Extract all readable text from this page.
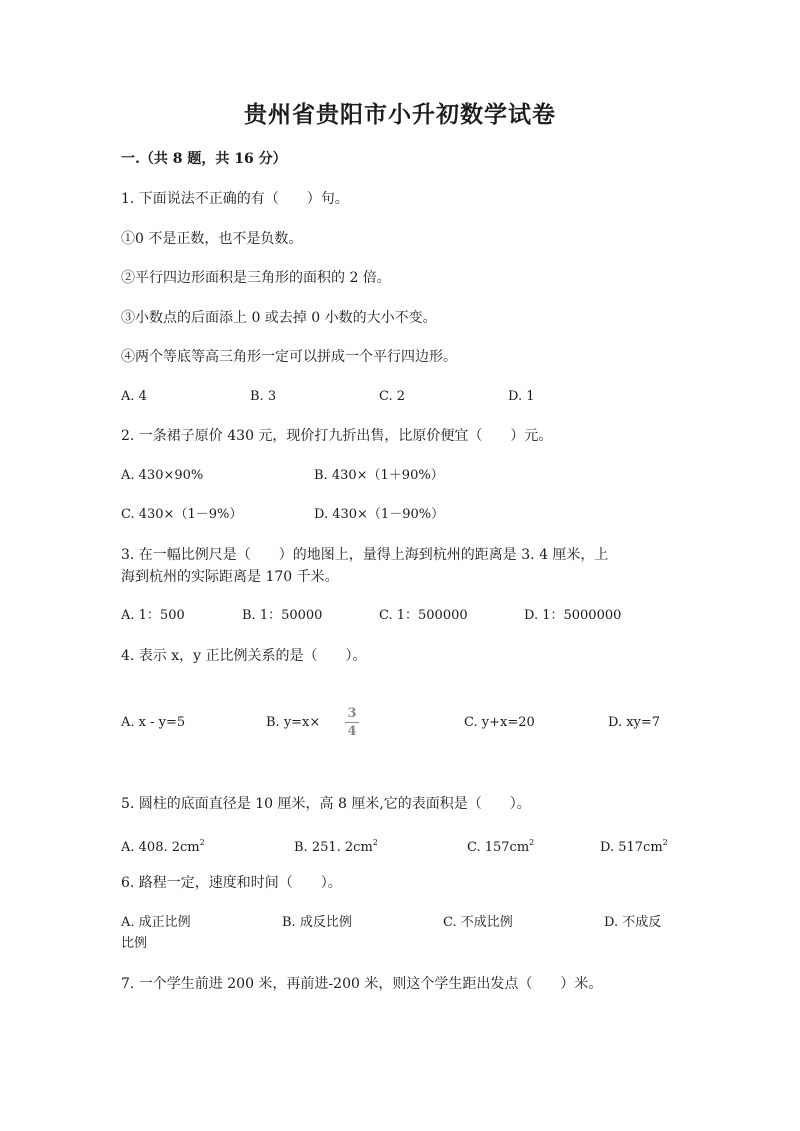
贵州省贵阳市小升初数学试卷
一.（共 8 题，共 16 分）
1. 下面说法不正确的有（　　）句。
①0 不是正数，也不是负数。
②平行四边形面积是三角形的面积的 2 倍。
③小数点的后面添上 0 或去掉 0 小数的大小不变。
④两个等底等高三角形一定可以拼成一个平行四边形。
A. 4	B. 3	C. 2	D. 1
2. 一条裙子原价 430 元，现价打九折出售，比原价便宜（　　）元。
A. 430×90%	B. 430×（1＋90%）
C. 430×（1－9%）	D. 430×（1－90%）
3. 在一幅比例尺是（　　）的地图上，量得上海到杭州的距离是 3. 4 厘米，上
海到杭州的实际距离是 170 千米。
A. 1：500	B. 1：50000	C. 1：500000	D. 1：5000000
4. 表示 x，y 正比例关系的是（　　）。
A. x - y=5	B. y=x×
3
4
C. y+x=20	D. xy=7
5. 圆柱的底面直径是 10 厘米，高 8 厘米,它的表面积是（　　）。
A. 408. $2cm^2$	B. 251. $2cm^2$	C. $157cm^2$	D. $517cm^2$
6. 路程一定，速度和时间（　　）。
A. 成正比例	B. 成反比例	C. 不成比例	D. 不成反
比例
7. 一个学生前进 200 米，再前进-200 米，则这个学生距出发点（　　）米。
